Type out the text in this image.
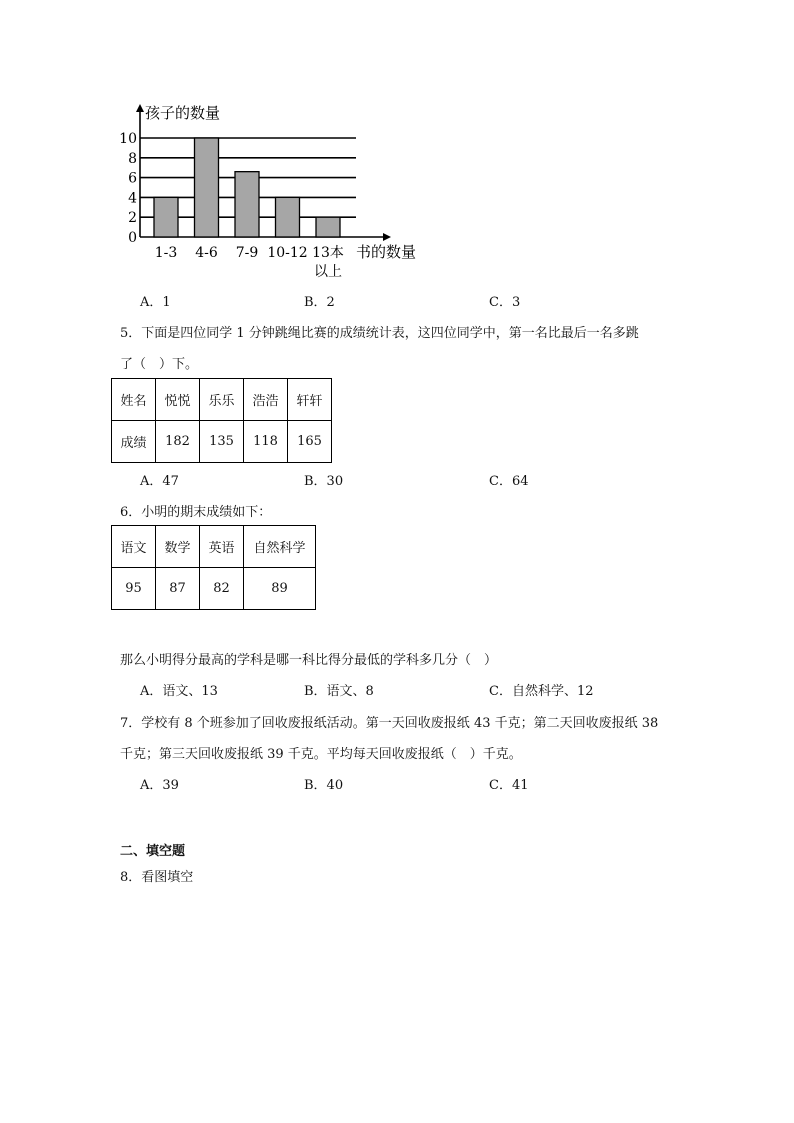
0
2
4
6
8
10
1-3 4-6 7-9 10-12 13本
以上
孩子的数量
书的数量
A．1	B．2	C．3
5．下面是四位同学 1 分钟跳绳比赛的成绩统计表，这四位同学中，第一名比最后一名多跳
了（　）下。
姓名	悦悦	乐乐	浩浩	轩轩
成绩	182	135	118	165
A．47	B．30	C．64
6．小明的期末成绩如下：
语文	数学	英语	自然科学
95	87	82	89
那么小明得分最高的学科是哪一科比得分最低的学科多几分（　）
A．语文、13	B．语文、8	C．自然科学、12
7．学校有 8 个班参加了回收废报纸活动。第一天回收废报纸 43 千克；第二天回收废报纸 38
千克；第三天回收废报纸 39 千克。平均每天回收废报纸（　）千克。
A．39	B．40	C．41
二、填空题
8．看图填空
